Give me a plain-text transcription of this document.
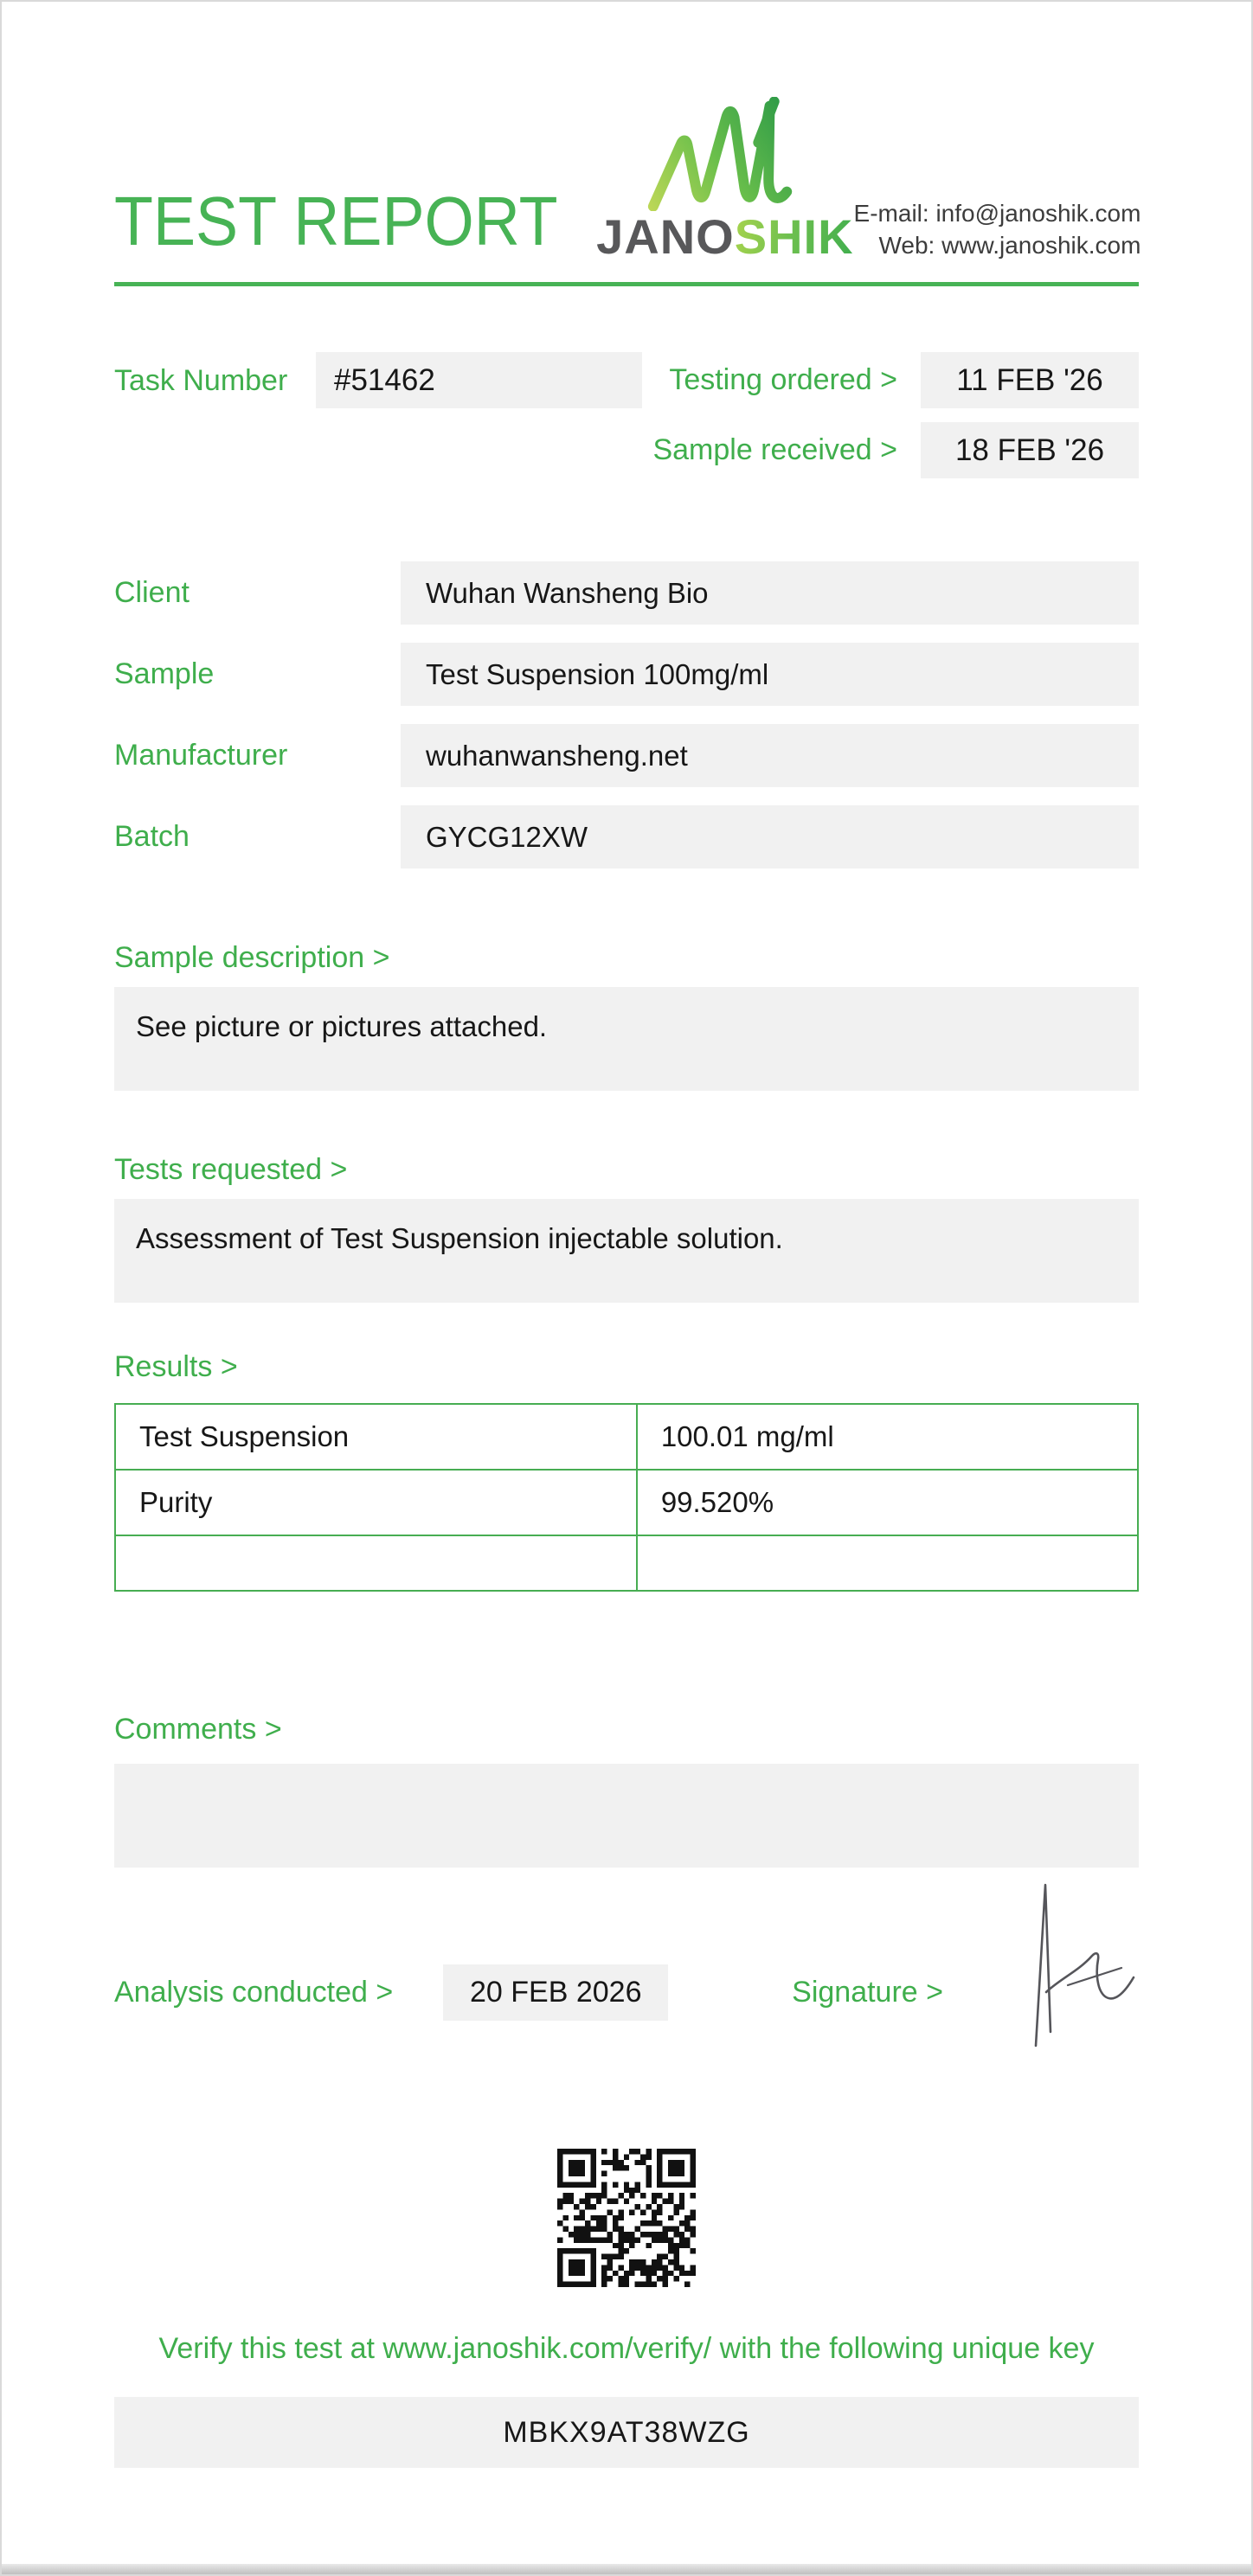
TEST REPORT JANOSHIK E-mail: info@janoshik.com
Web: www.janoshik.com
Task Number	#51462	Testing ordered >	11 FEB '26
Sample received >	18 FEB '26
Client	Wuhan Wansheng Bio
Sample	Test Suspension 100mg/ml
Manufacturer	wuhanwansheng.net
Batch	GYCG12XW
Sample description >
See picture or pictures attached.
Tests requested >
Assessment of Test Suspension injectable solution.
Results >
Test Suspension	100.01 mg/ml
Purity	99.520%

Comments >
Analysis conducted >	20 FEB 2026	Signature >
Verify this test at www.janoshik.com/verify/ with the following unique key
MBKX9AT38WZG
